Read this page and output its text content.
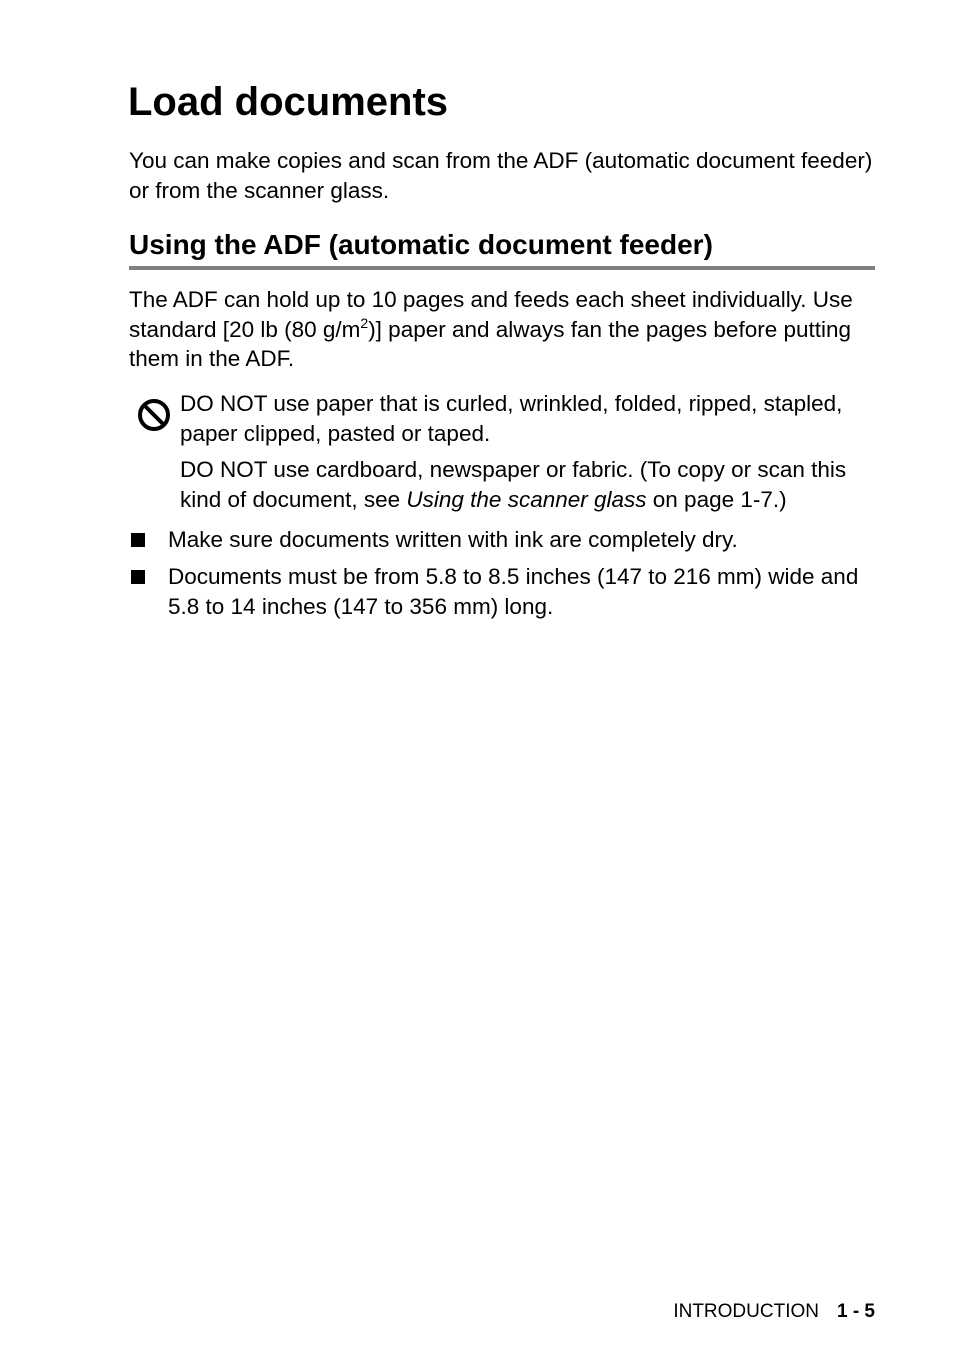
Load documents

You can make copies and scan from the ADF (automatic document feeder) or from the scanner glass.

Using the ADF (automatic document feeder)

The ADF can hold up to 10 pages and feeds each sheet individually. Use standard [20 lb (80 $g/m^2$)] paper and always fan the pages before putting them in the ADF.

DO NOT use paper that is curled, wrinkled, folded, ripped, stapled, paper clipped, pasted or taped.

DO NOT use cardboard, newspaper or fabric. (To copy or scan this kind of document, see Using the scanner glass on page 1-7.)

Make sure documents written with ink are completely dry.

Documents must be from 5.8 to 8.5 inches (147 to 216 mm) wide and 5.8 to 14 inches (147 to 356 mm) long.

INTRODUCTION 1 - 5
